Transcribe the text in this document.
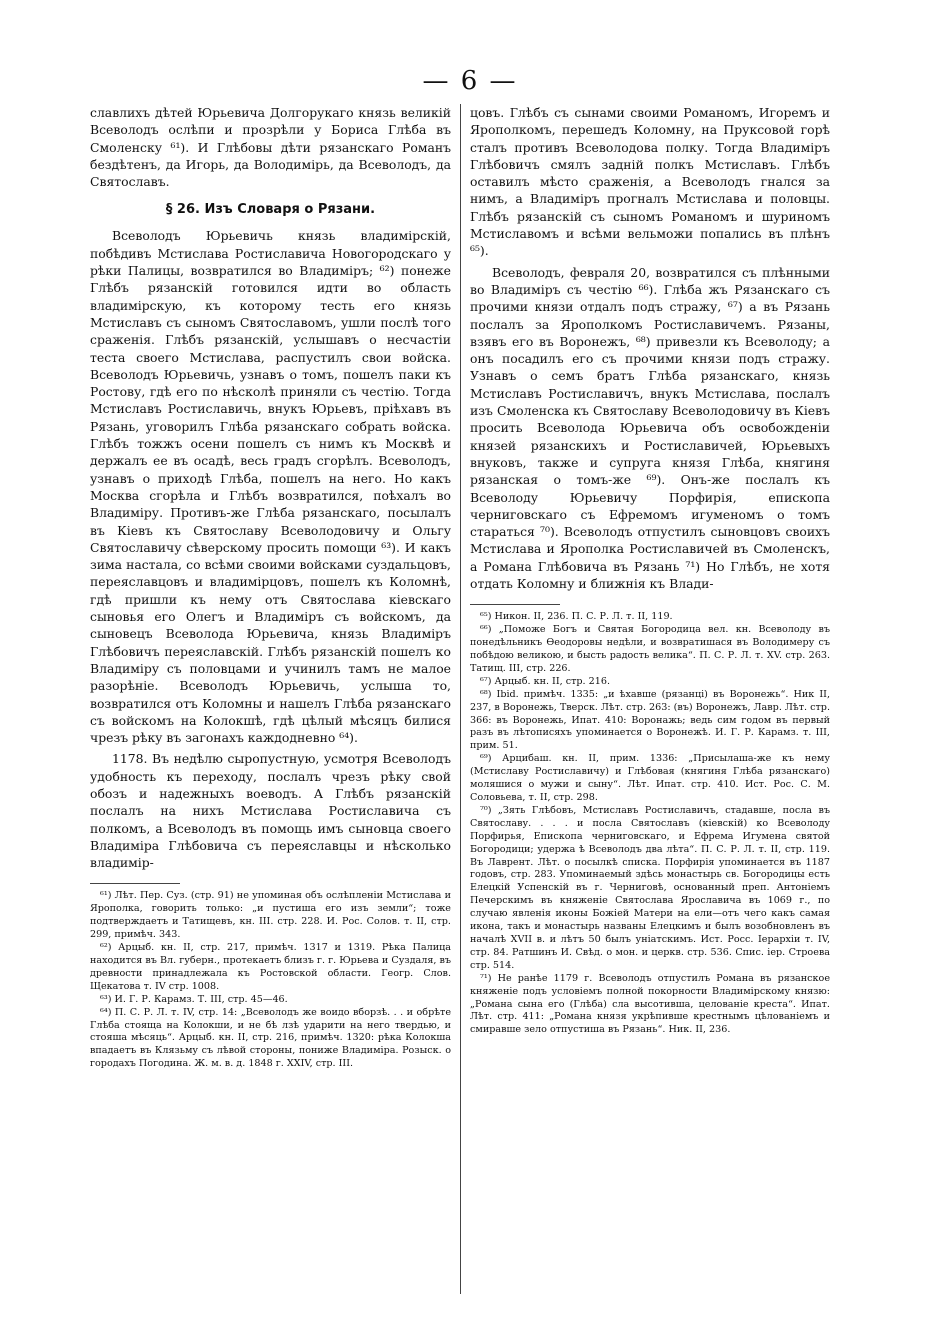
— 6 —

славлихъ дѣтей Юрьевича Долгорукаго князь великій Всеволодъ ослѣпи и прозрѣли у Бориса Глѣба въ Смоленску ⁶¹). И Глѣбовы дѣти рязанскаго Романъ бездѣтенъ, да Игорь, да Володимірь, да Всеволодъ, да Святославъ.

§ 26. Изъ Словаря о Рязани.

Всеволодъ Юрьевичь князь владимірскій, побѣдивъ Мстислава Ростиславича Новогородскаго у рѣки Палицы, возвратился во Владиміръ; ⁶²) понеже Глѣбъ рязанскій готовился идти во область владимірскую, къ которому тесть его князь Мстиславъ съ сыномъ Святославомъ, ушли послѣ того сраженія. Глѣбъ рязанскій, услышавъ о несчастіи теста своего Мстислава, распустилъ свои войска. Всеволодъ Юрьевичь, узнавъ о томъ, пошелъ паки къ Ростову, гдѣ его по нѣсколѣ приняли съ честію. Тогда Мстиславъ Ростиславичь, внукъ Юрьевъ, пріѣхавъ въ Рязань, уговорилъ Глѣба рязанскаго собрать войска. Глѣбъ тожжъ осени пошелъ съ нимъ къ Москвѣ и держалъ ее въ осадѣ, весь градъ сгорѣлъ. Всеволодъ, узнавъ о приходѣ Глѣба, пошелъ на него. Но какъ Москва сгорѣла и Глѣбъ возвратился, поѣхалъ во Владиміру. Противъ-же Глѣба рязанскаго, посылалъ въ Кіевъ къ Святославу Всеволодовичу и Ольгу Святославичу сѣверскому просить помощи ⁶³). И какъ зима настала, со всѣми своими войсками суздальцовъ, переяславцовъ и владимірцовъ, пошелъ къ Коломнѣ, гдѣ пришли къ нему отъ Святослава кіевскаго сыновья его Олегъ и Владиміръ съ войскомъ, да сыновецъ Всеволода Юрьевича, князь Владиміръ Глѣбовичъ переяславскій. Глѣбъ рязанскій пошелъ ко Владиміру съ половцами и учинилъ тамъ не малое разорѣніе. Всеволодъ Юрьевичь, услыша то, возвратился отъ Коломны и нашелъ Глѣба рязанскаго съ войскомъ на Колокшѣ, гдѣ цѣлый мѣсяцъ билися чрезъ рѣку въ загонахъ каждодневно ⁶⁴).

1178. Въ недѣлю сыропустную, усмотря Всеволодъ удобность къ переходу, послалъ чрезъ рѣку свой обозъ и надежныхъ воеводъ. А Глѣбъ рязанскій послалъ на нихъ Мстислава Ростиславича съ полкомъ, а Всеволодъ въ помощь имъ сыновца своего Владиміра Глѣбовича съ переяславцы и нѣсколько владимір-

⁶¹) Лѣт. Пер. Суз. (стр. 91) не упоминая объ ослѣпленіи Мстислава и Ярополка, говорить только: „и пустиша его изъ земли“; тоже подтверждаетъ и Татищевъ, кн. III. стр. 228. И. Рос. Солов. т. II, стр. 299, примѣч. 343.

⁶²) Арцыб. кн. II, стр. 217, примѣч. 1317 и 1319. Рѣка Палица находится въ Вл. губерн., протекаетъ близъ г. г. Юрьева и Суздаля, въ древности принадлежала къ Ростовской области. Геогр. Слов. Щекатова т. IV стр. 1008.

⁶³) И. Г. Р. Карамз. Т. III, стр. 45—46.

⁶⁴) П. С. Р. Л. т. IV, стр. 14: „Всеволодъ же воидо вборзѣ. . . и обрѣте Глѣба стояща на Колокши, и не бѣ лзѣ ударити на него твердью, и стояша мѣсяць“. Арцыб. кн. II, стр. 216, примѣч. 1320: рѣка Колокша впадаетъ въ Клязьму съ лѣвой стороны, пониже Владиміра. Розыск. о городахъ Погодина. Ж. м. в. д. 1848 г. XXIV, стр. III.

цовъ. Глѣбъ съ сынами своими Романомъ, Игоремъ и Ярополкомъ, перешедъ Коломну, на Пруксовой горѣ сталъ противъ Всеволодова полку. Тогда Владиміръ Глѣбовичъ смялъ задній полкъ Мстиславъ. Глѣбъ оставилъ мѣсто сраженія, а Всеволодъ гнался за нимъ, а Владиміръ прогналъ Мстислава и половцы. Глѣбъ рязанскій съ сыномъ Романомъ и шуриномъ Мстиславомъ и всѣми вельможи попались въ плѣнъ ⁶⁵).

Всеволодъ, февраля 20, возвратился съ плѣнными во Владиміръ съ честію ⁶⁶). Глѣба жъ Рязанскаго съ прочими князи отдалъ подъ стражу, ⁶⁷) а въ Рязань послалъ за Ярополкомъ Ростиславичемъ. Рязаны, взявъ его въ Воронежъ, ⁶⁸) привезли къ Всеволоду; а онъ посадилъ его съ прочими князи подъ стражу. Узнавъ о семъ братъ Глѣба рязанскаго, князь Мстиславъ Ростиславичъ, внукъ Мстислава, послалъ изъ Смоленска къ Святославу Всеволодовичу въ Кіевъ просить Всеволода Юрьевича объ освобожденіи князей рязанскихъ и Ростиславичей, Юрьевыхъ внуковъ, также и супруга князя Глѣба, княгиня рязанская о томъ-же ⁶⁹). Онъ-же послалъ къ Всеволоду Юрьевичу Порфирія, епископа черниговскаго съ Ефремомъ игуменомъ о томъ стараться ⁷⁰). Всеволодъ отпустилъ сыновцовъ своихъ Мстислава и Ярополка Ростиславичей въ Смоленскъ, а Романа Глѣбовича въ Рязань ⁷¹) Но Глѣбъ, не хотя отдать Коломну и ближнія къ Влади-

⁶⁵) Никон. II, 236. П. С. Р. Л. т. II, 119.

⁶⁶) „Поможе Богъ и Святая Богородица вел. кн. Всеволоду въ понедѣльникъ Ѳеодоровы недѣли, и возвратишася въ Володимеру съ побѣдою великою, и бысть радость велика“. П. С. Р. Л. т. XV. стр. 263. Татищ. III, стр. 226.

⁶⁷) Арцыб. кн. II, стр. 216.

⁶⁸) Ibid. примѣч. 1335: „и ѣхавше (рязанці) въ Воронежь“. Ник II, 237, в Воронежь, Тверск. Лѣт. стр. 263: (въ) Воронежъ, Лавр. Лѣт. стр. 366: въ Воронежь, Ипат. 410: Воронажь; ведь сим годом въ первый разъ въ лѣтописяхъ упоминается о Воронежѣ. И. Г. Р. Карамз. т. III, прим. 51.

⁶⁹) Арцибаш. кн. II, прим. 1336: „Присылаша-же къ нему (Мстиславу Ростиславичу) и Глѣбовая (княгиня Глѣба рязанскаго) моляшися о мужи и сыну“. Лѣт. Ипат. стр. 410. Ист. Рос. С. М. Соловьева, т. II, стр. 298.

⁷⁰) „Зять Глѣбовъ, Мстиславъ Ростиславичъ, стадавше, посла въ Святославу. . . . и посла Святославъ (кіевскій) ко Всеволоду Порфирья, Епископа черниговскаго, и Ефрема Игумена святой Богородици; удержа ѣ Всеволодъ два лѣта“. П. С. Р. Л. т. II, стр. 119. Въ Лаврент. Лѣт. о посылкѣ списка. Порфирія упоминается въ 1187 годовъ, стр. 283. Упоминаемый здѣсь монастырь св. Богородицы есть Елецкій Успенскій въ г. Черниговѣ, основанный преп. Антоніемъ Печерскимъ въ княженіе Святослава Ярославича въ 1069 г., по случаю явленія иконы Божіей Матери на ели—отъ чего какъ самая икона, такъ и монастырь названы Елецкимъ и былъ возобновленъ въ началѣ XVII в. и лѣтъ 50 былъ уніатскимъ. Ист. Росс. Іерархіи т. IV, стр. 84. Ратшинъ И. Свѣд. о мон. и церкв. стр. 536. Спис. іер. Строева стр. 514.

⁷¹) Не ранѣе 1179 г. Всеволодъ отпустилъ Романа въ рязанское княженіе подъ условіемъ полной покорности Владимірскому князю: „Романа сына его (Глѣба) сла высотивша, целованіе креста“. Ипат. Лѣт. стр. 411: „Романа князя укрѣпивше крестнымъ цѣлованіемъ и смиравше зело отпустиша въ Рязань“. Ник. II, 236.
